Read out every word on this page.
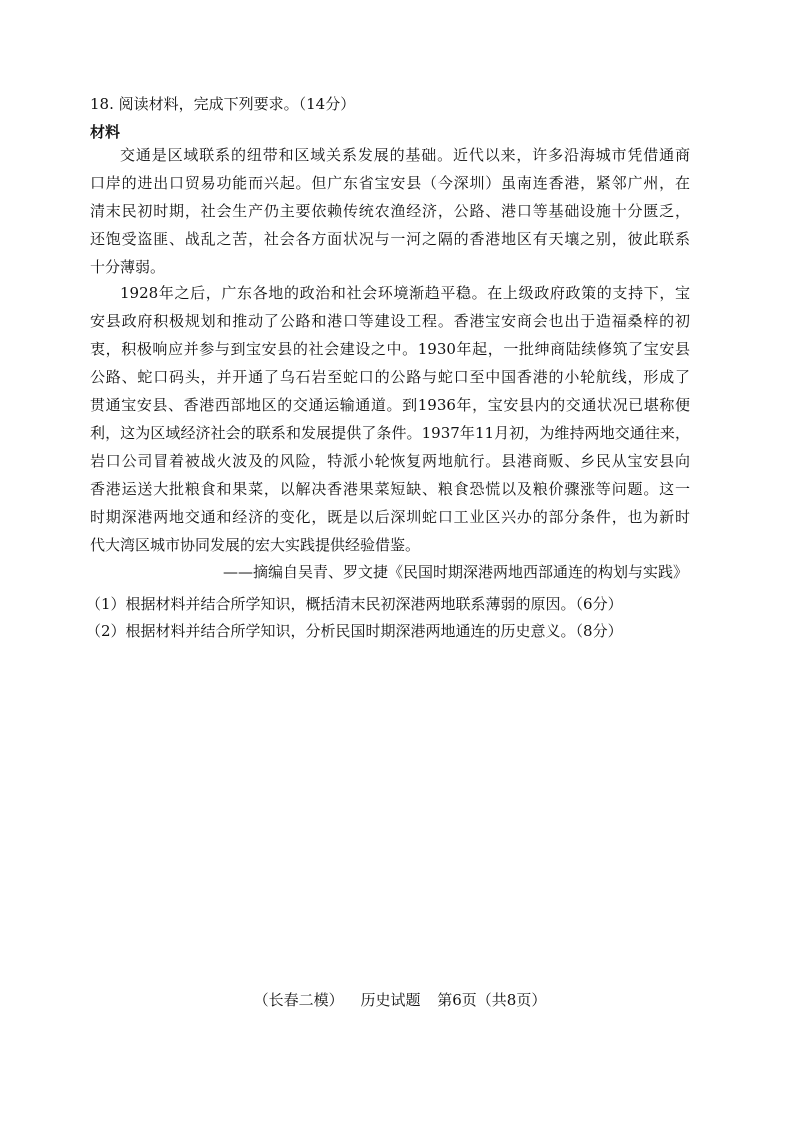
18. 阅读材料，完成下列要求。（14分）
材料
交通是区域联系的纽带和区域关系发展的基础。近代以来，许多沿海城市凭借通商
口岸的进出口贸易功能而兴起。但广东省宝安县（今深圳）虽南连香港，紧邻广州，在
清末民初时期，社会生产仍主要依赖传统农渔经济，公路、港口等基础设施十分匮乏，
还饱受盗匪、战乱之苦，社会各方面状况与一河之隔的香港地区有天壤之别，彼此联系
十分薄弱。
1928年之后，广东各地的政治和社会环境渐趋平稳。在上级政府政策的支持下，宝
安县政府积极规划和推动了公路和港口等建设工程。香港宝安商会也出于造福桑梓的初
衷，积极响应并参与到宝安县的社会建设之中。1930年起，一批绅商陆续修筑了宝安县
公路、蛇口码头，并开通了乌石岩至蛇口的公路与蛇口至中国香港的小轮航线，形成了
贯通宝安县、香港西部地区的交通运输通道。到1936年，宝安县内的交通状况已堪称便
利，这为区域经济社会的联系和发展提供了条件。1937年11月初，为维持两地交通往来，
岩口公司冒着被战火波及的风险，特派小轮恢复两地航行。县港商贩、乡民从宝安县向
香港运送大批粮食和果菜，以解决香港果菜短缺、粮食恐慌以及粮价骤涨等问题。这一
时期深港两地交通和经济的变化，既是以后深圳蛇口工业区兴办的部分条件，也为新时
代大湾区城市协同发展的宏大实践提供经验借鉴。
——摘编自吴青、罗文捷《民国时期深港两地西部通连的构划与实践》
（1）根据材料并结合所学知识，概括清末民初深港两地联系薄弱的原因。（6分）
（2）根据材料并结合所学知识，分析民国时期深港两地通连的历史意义。（8分）
（长春二模） 历史试题 第6页（共8页）
